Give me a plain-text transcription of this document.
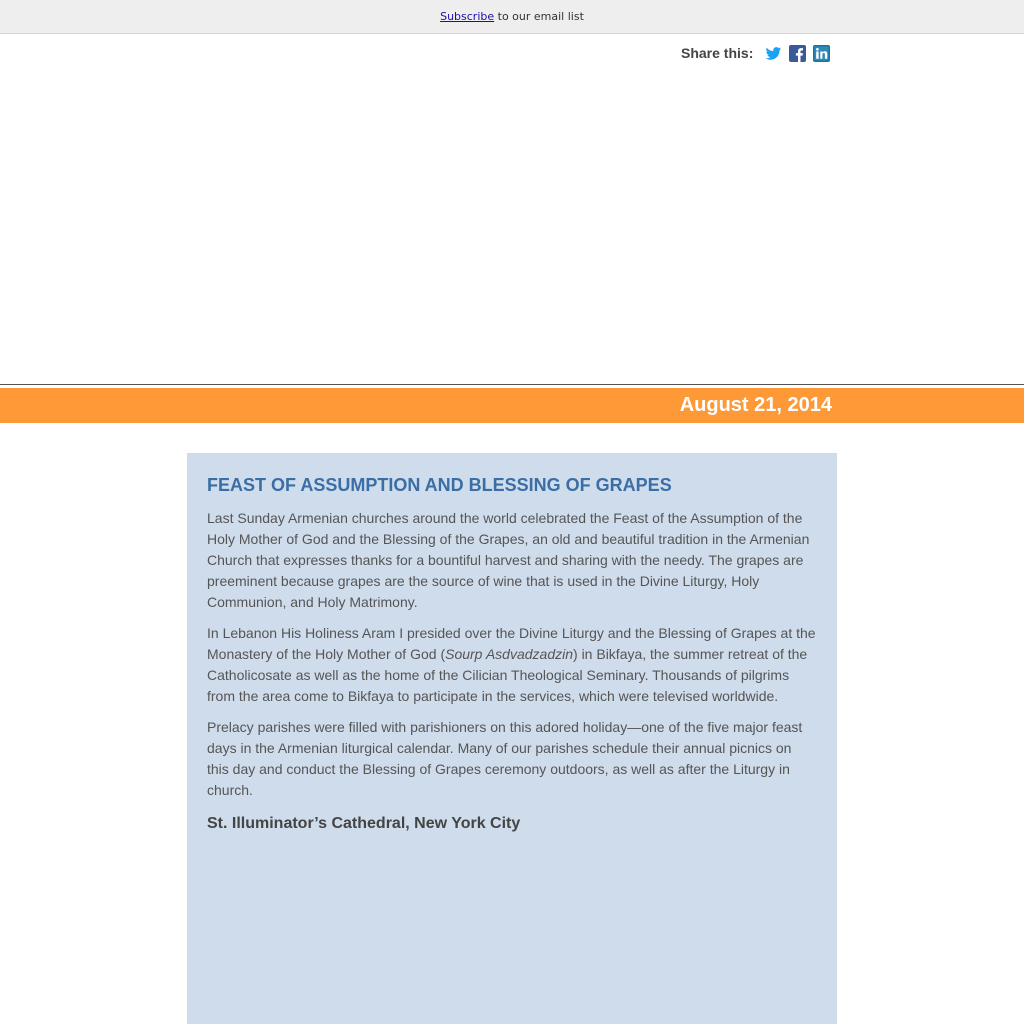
Subscribe to our email list
Share this:
August 21, 2014
FEAST OF ASSUMPTION AND BLESSING OF GRAPES

Last Sunday Armenian churches around the world celebrated the Feast of the Assumption of the Holy Mother of God and the Blessing of the Grapes, an old and beautiful tradition in the Armenian Church that expresses thanks for a bountiful harvest and sharing with the needy. The grapes are preeminent because grapes are the source of wine that is used in the Divine Liturgy, Holy Communion, and Holy Matrimony.

In Lebanon His Holiness Aram I presided over the Divine Liturgy and the Blessing of Grapes at the Monastery of the Holy Mother of God (Sourp Asdvadzadzin) in Bikfaya, the summer retreat of the Catholicosate as well as the home of the Cilician Theological Seminary. Thousands of pilgrims from the area come to Bikfaya to participate in the services, which were televised worldwide.

Prelacy parishes were filled with parishioners on this adored holiday—one of the five major feast days in the Armenian liturgical calendar. Many of our parishes schedule their annual picnics on this day and conduct the Blessing of Grapes ceremony outdoors, as well as after the Liturgy in church.

St. Illuminator’s Cathedral, New York City
